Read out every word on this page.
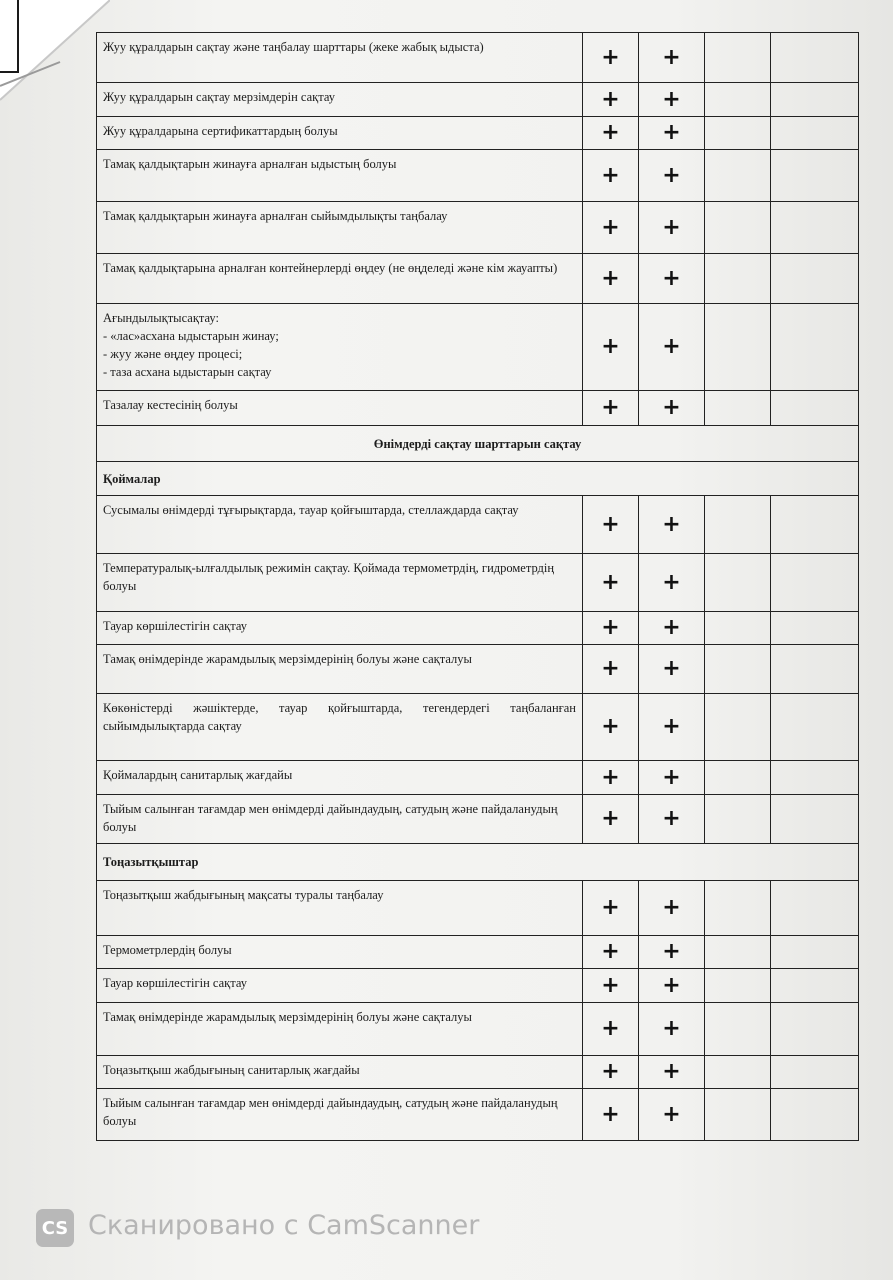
Жуу құралдарын сақтау және таңбалау шарттары (жеке жабық ыдыста)	+	+		
Жуу құралдарын сақтау мерзімдерін сақтау	+	+		
Жуу құралдарына сертификаттардың болуы	+	+		
Тамақ қалдықтарын жинауға арналған ыдыстың болуы	+	+		
Тамақ қалдықтарын жинауға арналған сыйымдылықты таңбалау	+	+		
Тамақ қалдықтарына арналған контейнерлерді өңдеу (не өңделеді және кім жауапты)	+	+		

Ағындылықтысақтау:
- «лас»асхана ыдыстарын жинау;
- жуу және өңдеу процесі;
- таза асхана ыдыстарын сақтау	+	+		
Тазалау кестесінің болуы	+	+		
Өнімдерді сақтау шарттарын сақтау				
Қоймалар				
Сусымалы өнімдерді тұғырықтарда, тауар қойғыштарда, стеллаждарда сақтау	+	+		
Температуралық-ылғалдылық режимін сақтау. Қоймада термометрдің, гидрометрдің болуы	+	+		
Тауар көршілестігін сақтау	+	+		
Тамақ өнімдерінде жарамдылық мерзімдерінің болуы және сақталуы	+	+		
Көкөністерді жәшіктерде, тауар қойғыштарда, тегендердегі таңбаланған сыйымдылықтарда сақтау	+	+		
Қоймалардың санитарлық жағдайы	+	+		
Тыйым салынған тағамдар мен өнімдерді дайындаудың, сатудың және пайдаланудың болуы	+	+		
Тоңазытқыштар				
Тоңазытқыш жабдығының мақсаты туралы таңбалау	+	+		
Термометрлердің болуы	+	+		
Тауар көршілестігін сақтау	+	+		
Тамақ өнімдерінде жарамдылық мерзімдерінің болуы және сақталуы	+	+		
Тоңазытқыш жабдығының санитарлық жағдайы	+	+		
Тыйым салынған тағамдар мен өнімдерді дайындаудың, сатудың және пайдаланудың болуы	+	+		
CS Сканировано с CamScanner
